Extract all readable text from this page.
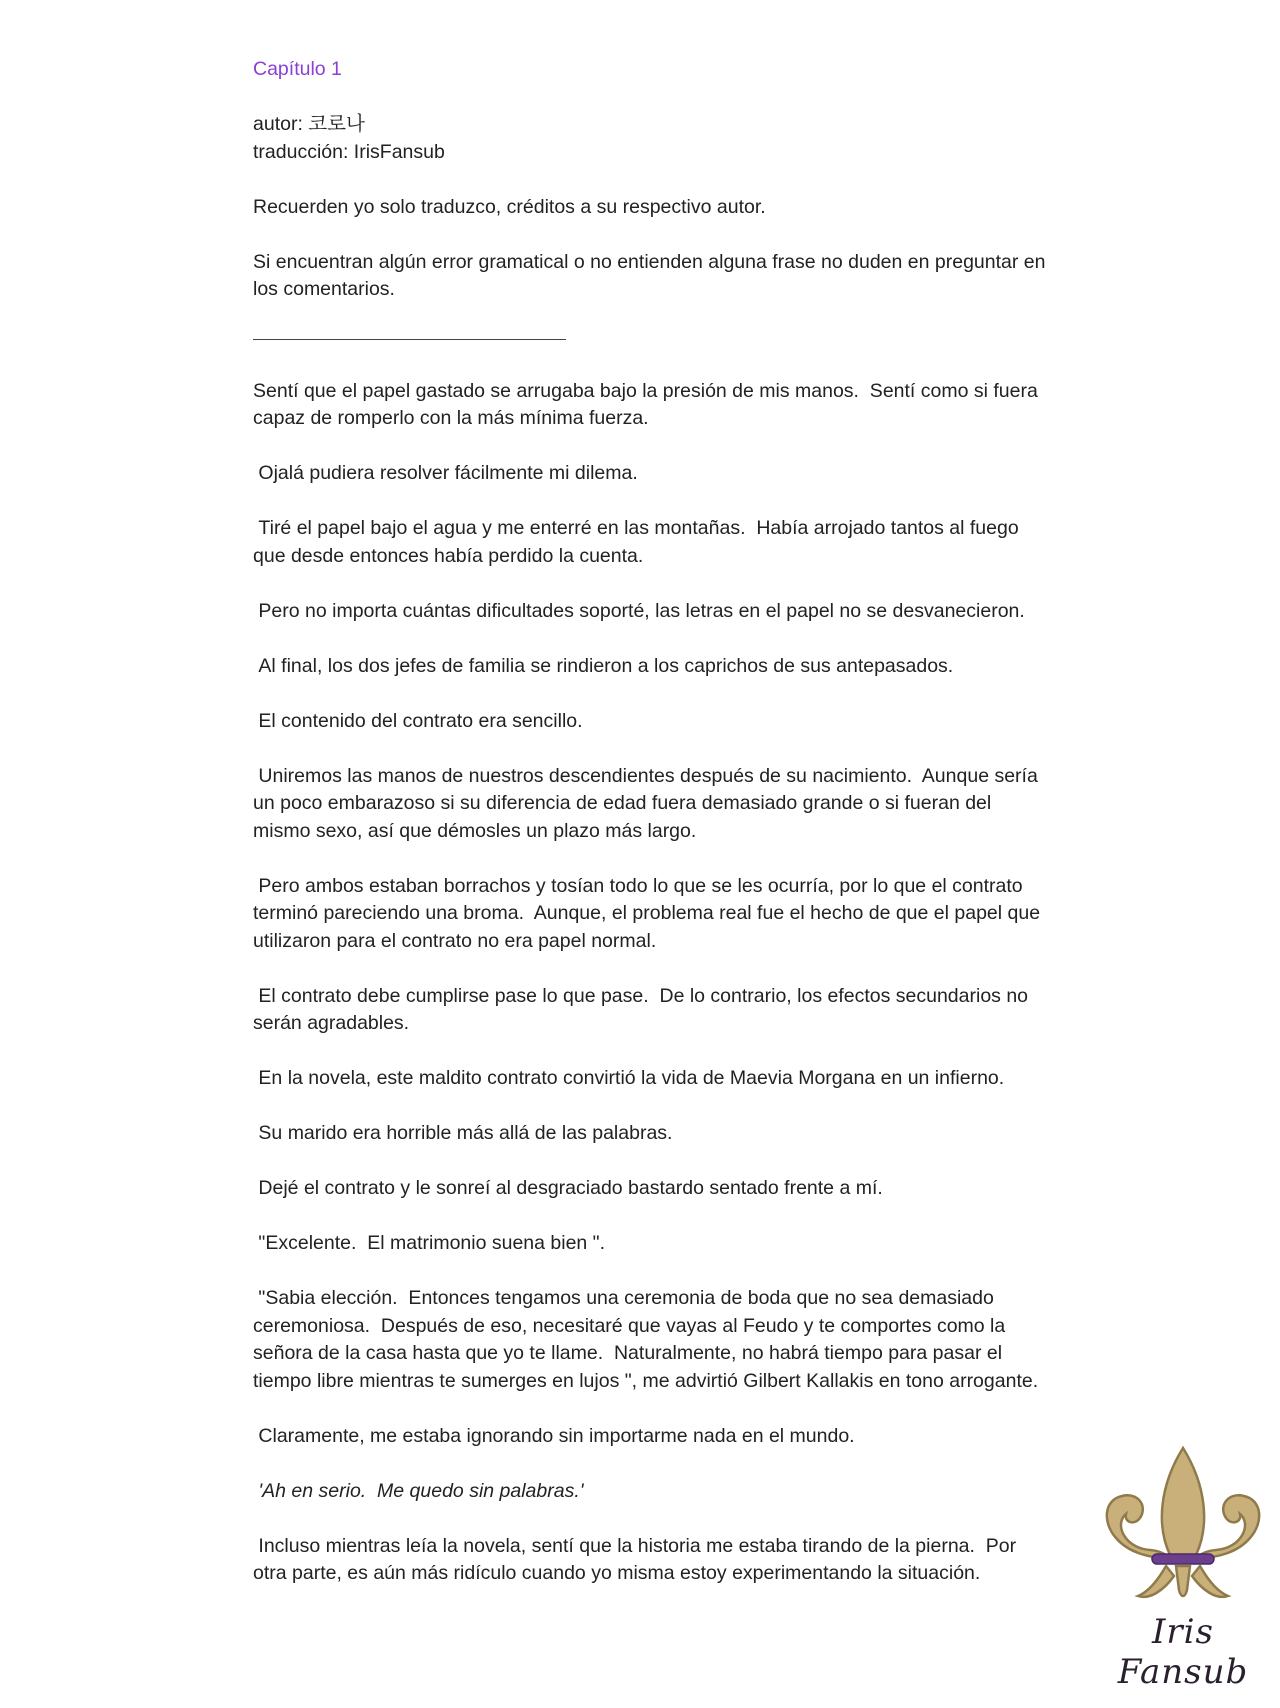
Capítulo 1

autor: 코로나
traducción: IrisFansub

Recuerden yo solo traduzco, créditos a su respectivo autor.

Si encuentran algún error gramatical o no entienden alguna frase no duden en preguntar en los comentarios.

Sentí que el papel gastado se arrugaba bajo la presión de mis manos.  Sentí como si fuera capaz de romperlo con la más mínima fuerza.

Ojalá pudiera resolver fácilmente mi dilema.

Tiré el papel bajo el agua y me enterré en las montañas.  Había arrojado tantos al fuego que desde entonces había perdido la cuenta.

Pero no importa cuántas dificultades soporté, las letras en el papel no se desvanecieron.

Al final, los dos jefes de familia se rindieron a los caprichos de sus antepasados.

El contenido del contrato era sencillo.

Uniremos las manos de nuestros descendientes después de su nacimiento.  Aunque sería un poco embarazoso si su diferencia de edad fuera demasiado grande o si fueran del mismo sexo, así que démosles un plazo más largo.

Pero ambos estaban borrachos y tosían todo lo que se les ocurría, por lo que el contrato terminó pareciendo una broma.  Aunque, el problema real fue el hecho de que el papel que utilizaron para el contrato no era papel normal.

El contrato debe cumplirse pase lo que pase.  De lo contrario, los efectos secundarios no serán agradables.

En la novela, este maldito contrato convirtió la vida de Maevia Morgana en un infierno.

Su marido era horrible más allá de las palabras.

Dejé el contrato y le sonreí al desgraciado bastardo sentado frente a mí.

"Excelente.  El matrimonio suena bien ".

"Sabia elección.  Entonces tengamos una ceremonia de boda que no sea demasiado ceremoniosa.  Después de eso, necesitaré que vayas al Feudo y te comportes como la señora de la casa hasta que yo te llame.  Naturalmente, no habrá tiempo para pasar el tiempo libre mientras te sumerges en lujos ", me advirtió Gilbert Kallakis en tono arrogante.

Claramente, me estaba ignorando sin importarme nada en el mundo.

'Ah en serio.  Me quedo sin palabras.'

Incluso mientras leía la novela, sentí que la historia me estaba tirando de la pierna.  Por otra parte, es aún más ridículo cuando yo misma estoy experimentando la situación.

Iris Fansub
